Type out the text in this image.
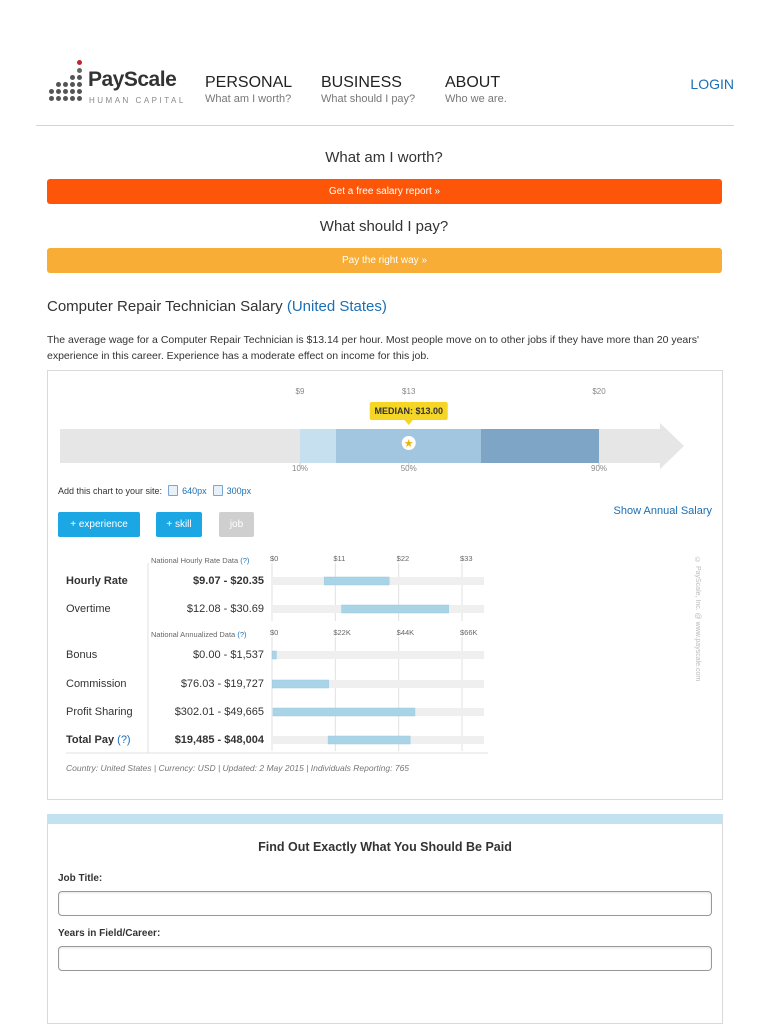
PayScale
HUMAN CAPITAL
PERSONAL
What am I worth?
BUSINESS
What should I pay?
ABOUT
Who we are.
LOGIN
What am I worth?
Get a free salary report »
What should I pay?
Pay the right way »
Computer Repair Technician Salary (United States)
The average wage for a Computer Repair Technician is $13.14 per hour. Most people move on to other jobs if they have more than 20 years' experience in this career. Experience has a moderate effect on income for this job.
★
$9	$13	$20
10%	50%	90%
MEDIAN: $13.00
Add this chart to your site: 640px 300px
+ experience	+ skill	job
Show Annual Salary
$0	$11	$22	$33
$0	$22K	$44K	$66K
National Hourly Rate Data (?)
Hourly Rate	$9.07 - $20.35
Overtime	$12.08 - $30.69
National Annualized Data (?)
Bonus	$0.00 - $1,537
Commission	$76.03 - $19,727
Profit Sharing	$302.01 - $49,665
Total Pay (?)	$19,485 - $48,004
Country: United States | Currency: USD | Updated: 2 May 2015 | Individuals Reporting: 765
© PayScale, Inc. @ www.payscale.com
Find Out Exactly What You Should Be Paid
Job Title:
Years in Field/Career:
